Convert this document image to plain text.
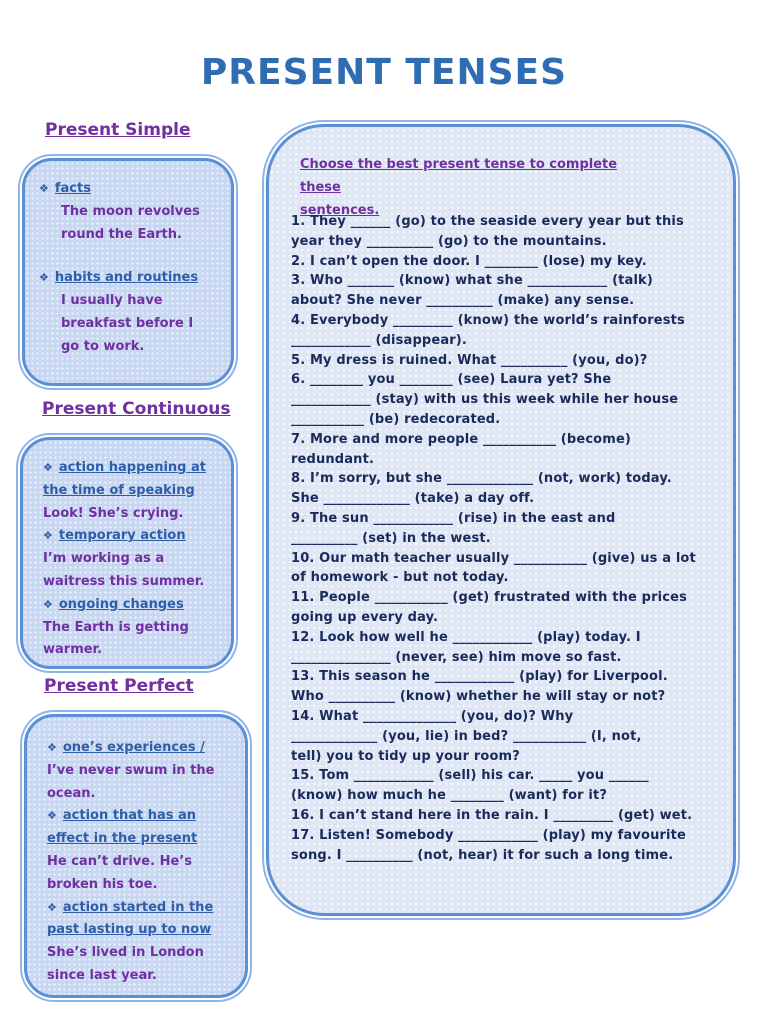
PRESENT TENSES
Present Simple
❖ facts
The moon revolves
round the Earth.
❖ habits and routines
I usually have
breakfast before I
go to work.
Present Continuous
❖ action happening at
the time of speaking
Look! She’s crying.
❖ temporary action
I’m working as a
waitress this summer.
❖ ongoing changes
The Earth is getting
warmer.
Present Perfect
❖ one’s experiences /
I’ve never swum in the
ocean.
❖ action that has an
effect in the present
He can’t drive. He’s
broken his toe.
❖ action started in the
past lasting up to now
She’s lived in London
since last year.
Choose the best present tense to complete these
sentences.
1. They ______ (go) to the seaside every year but this
year they __________ (go) to the mountains.
2. I can’t open the door. I ________ (lose) my key.
3. Who _______ (know) what she ____________ (talk)
about? She never __________ (make) any sense.
4. Everybody _________ (know) the world’s rainforests
____________ (disappear).
5. My dress is ruined. What __________ (you, do)?
6. ________ you ________ (see) Laura yet? She
____________ (stay) with us this week while her house
___________ (be) redecorated.
7. More and more people ___________ (become)
redundant.
8. I’m sorry, but she _____________ (not, work) today.
She _____________ (take) a day off.
9. The sun ____________ (rise) in the east and
__________ (set) in the west.
10. Our math teacher usually ___________ (give) us a lot
of homework - but not today.
11. People ___________ (get) frustrated with the prices
going up every day.
12. Look how well he ____________ (play) today. I
_______________ (never, see) him move so fast.
13. This season he ____________ (play) for Liverpool.
Who __________ (know) whether he will stay or not?
14. What ______________ (you, do)? Why
_____________ (you, lie) in bed? ___________ (I, not,
tell) you to tidy up your room?
15. Tom ____________ (sell) his car. _____ you ______
(know) how much he ________ (want) for it?
16. I can’t stand here in the rain. I _________ (get) wet.
17. Listen! Somebody ____________ (play) my favourite
song. I __________ (not, hear) it for such a long time.
